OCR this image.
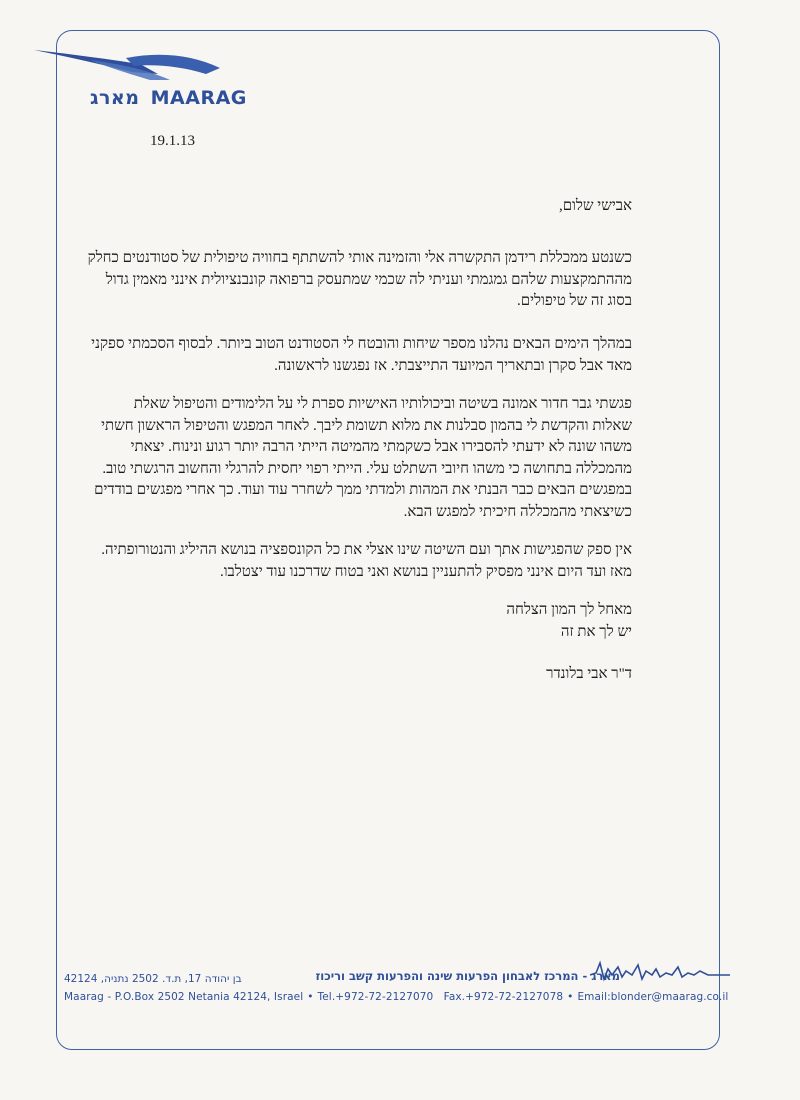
מארג MAARAG
19.1.13
אבישי שלום,
כשנטע ממכללת רידמן התקשרה אלי והזמינה אותי להשתתף בחוויה טיפולית של סטודנטים כחלק
מההתמקצעות שלהם גמגמתי ועניתי לה שכמי שמתעסק ברפואה קונבנציולית אינני מאמין גדול
בסוג זה של טיפולים.
במהלך הימים הבאים נהלנו מספר שיחות והובטח לי הסטודנט הטוב ביותר. לבסוף הסכמתי ספקני
מאד אבל סקרן ובתאריך המיועד התייצבתי. אז נפגשנו לראשונה.
פגשתי גבר חדור אמונה בשיטה וביכולותיו האישיות ספרת לי על הלימודים והטיפול שאלת
שאלות והקדשת לי בהמון סבלנות את מלוא תשומת ליבך. לאחר המפגש והטיפול הראשון חשתי
משהו שונה לא ידעתי להסבירו אבל כשקמתי מהמיטה הייתי הרבה יותר רגוע ונינוח. יצאתי
מהמכללה בתחושה כי משהו חיובי השתלט עלי. הייתי רפוי יחסית להרגלי והחשוב הרגשתי טוב.
במפגשים הבאים כבר הבנתי את המהות ולמדתי ממך לשחרר עוד ועוד. כך אחרי מפגשים בודדים
כשיצאתי מהמכללה חיכיתי למפגש הבא.
אין ספק שהפגישות אתך ועם השיטה שינו אצלי את כל הקונספציה בנושא ההיליג והנטורופתיה.
מאז ועד היום אינני מפסיק להתעניין בנושא ואני בטוח שדרכנו עוד יצטלבו.
מאחל לך המון הצלחה
יש לך את זה
ד"ר אבי בלונדר
מארג - המרכז לאבחון הפרעות שינה והפרעות קשב וריכוז
בן יהודה 17, ת.ד. 2502 נתניה, 42124
Maarag - P.O.Box 2502 Netania 42124, Israel • Tel.+972-72-2127070 Fax.+972-72-2127078 • Email:blonder@maarag.co.il
